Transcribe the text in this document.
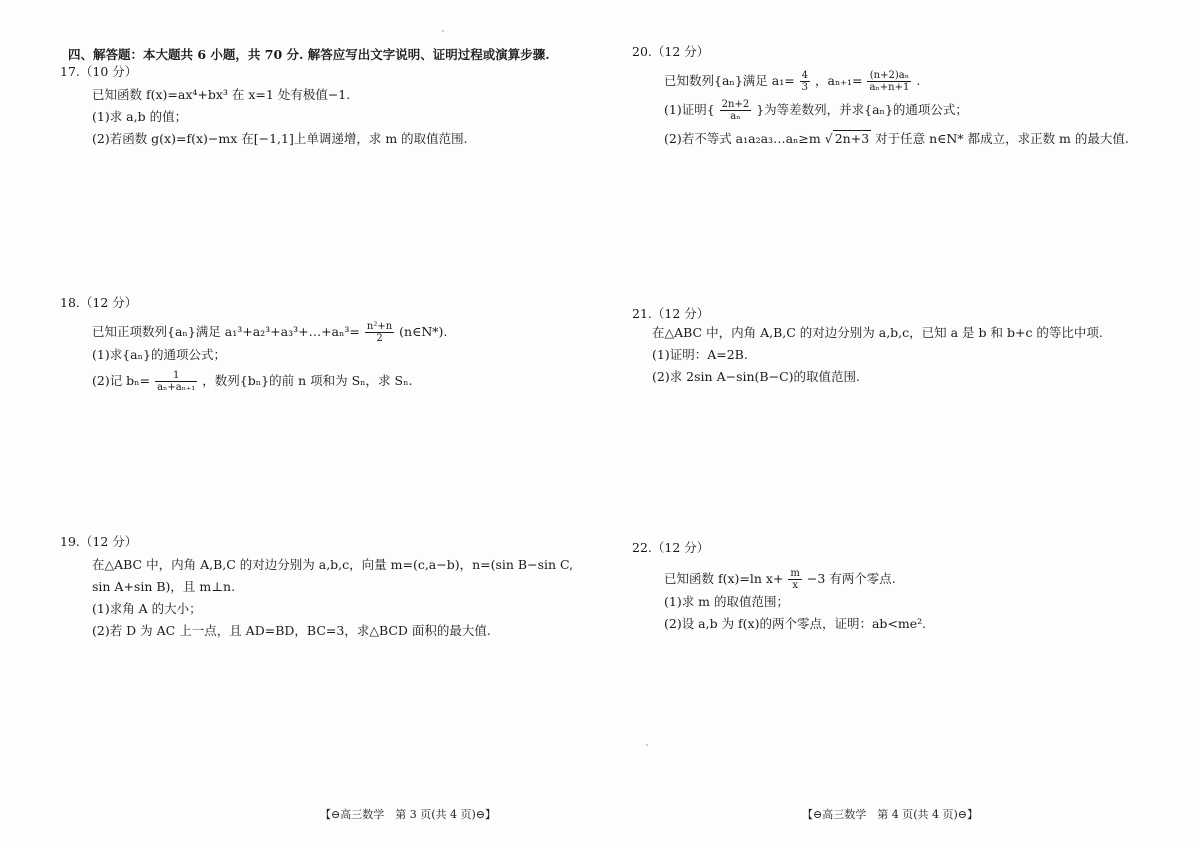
四、解答题：本大题共 6 小题，共 70 分. 解答应写出文字说明、证明过程或演算步骤.
17.（10 分）

已知函数 f(x)=ax⁴+bx³ 在 x=1 处有极值−1.

(1)求 a,b 的值；

(2)若函数 g(x)=f(x)−mx 在[−1,1]上单调递增，求 m 的取值范围.

18.（12 分）

已知正项数列{aₙ}满足 a₁³+a₂³+a₃³+…+aₙ³= $\frac{\text{n²+n}}{2}$ (n∈N*).

(1)求{aₙ}的通项公式；

(2)记 $b_n= \frac{1}{\text{aₙ+aₙ₊₁}}$ ，数列{bₙ}的前 n 项和为 Sₙ，求 Sₙ.

19.（12 分）

在△ABC 中，内角 A,B,C 的对边分别为 a,b,c，向量 m=(c,a−b)，n=(sin B−sin C,

sin A+sin B)，且 m⊥n.

(1)求角 A 的大小；

(2)若 D 为 AC 上一点，且 AD=BD，BC=3，求△BCD 面积的最大值.

【⊖高三数学　第 3 页(共 4 页)⊖】
20.（12 分）

已知数列{aₙ}满足 $a_1= \frac{4}{3}$ ，$a_{n+1}= \frac{\text{(n+2)aₙ}}{\text{aₙ+n+1}}$ .

(1)证明{ $\frac{2n+2}{\text{aₙ}}$ }为等差数列，并求{aₙ}的通项公式；

(2)若不等式 a₁a₂a₃…aₙ≥m √ 2n+3 对于任意 n∈N* 都成立，求正数 m 的最大值.

21.（12 分）

在△ABC 中，内角 A,B,C 的对边分别为 a,b,c，已知 a 是 b 和 b+c 的等比中项.

(1)证明：A=2B.

(2)求 2sin A−sin(B−C)的取值范围.

22.（12 分）

已知函数 f(x)=ln $x+ \frac{m}{x} -3$ 有两个零点.

(1)求 m 的取值范围；

(2)设 a,b 为 f(x)的两个零点，证明：ab<me².

【⊖高三数学　第 4 页(共 4 页)⊖】
